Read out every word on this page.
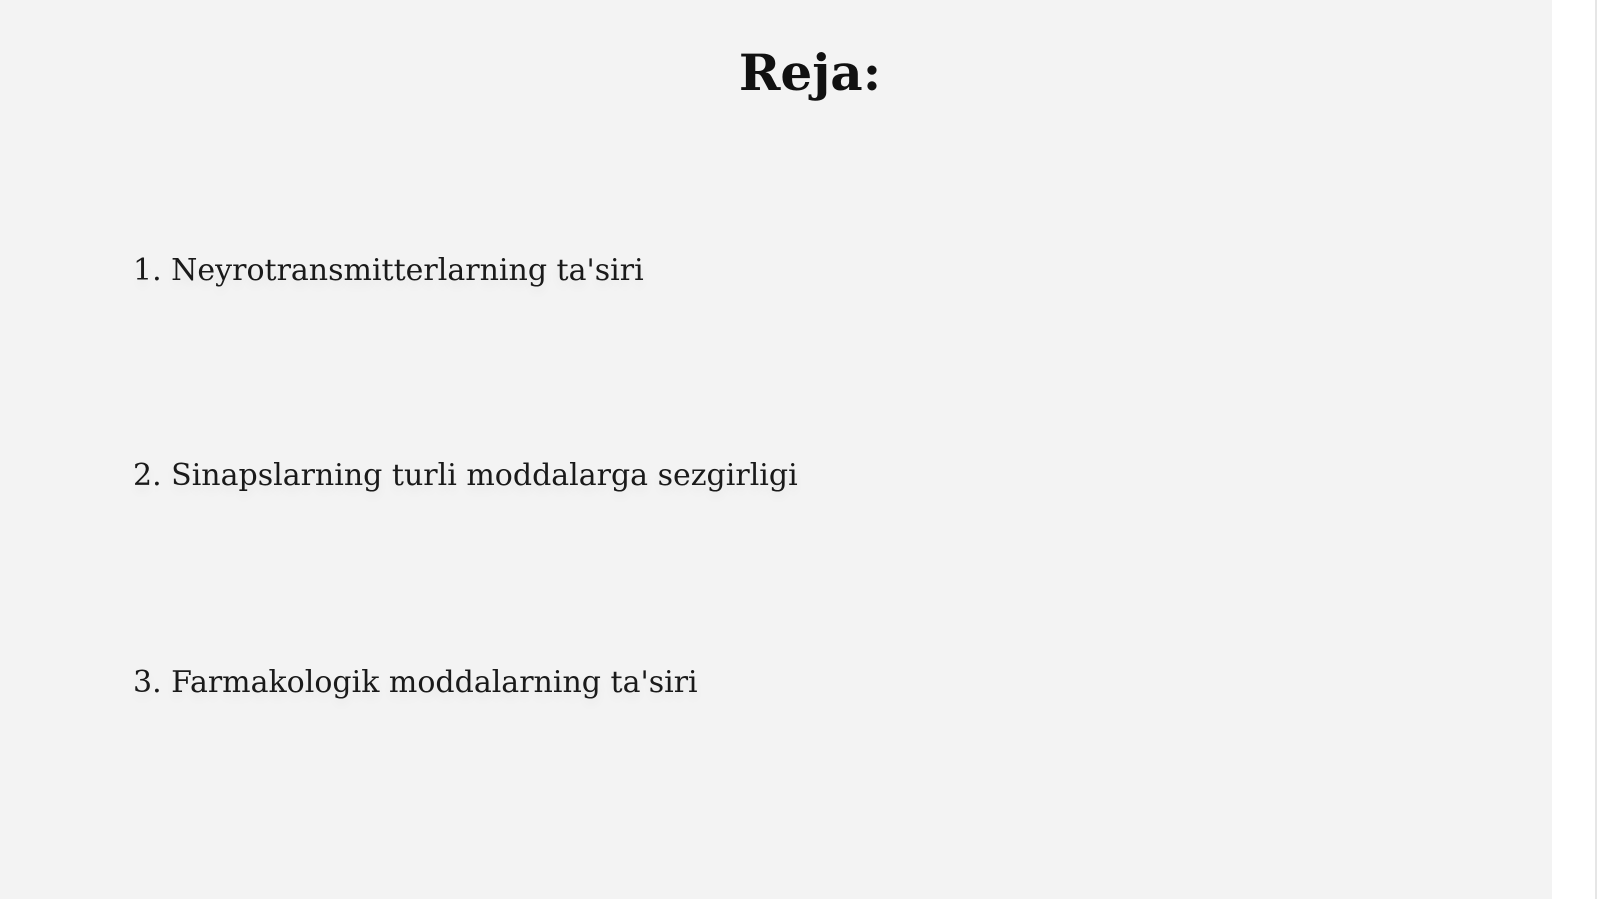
Reja:

1. Neyrotransmitterlarning ta'siri

2. Sinapslarning turli moddalarga sezgirligi

3. Farmakologik moddalarning ta'siri
